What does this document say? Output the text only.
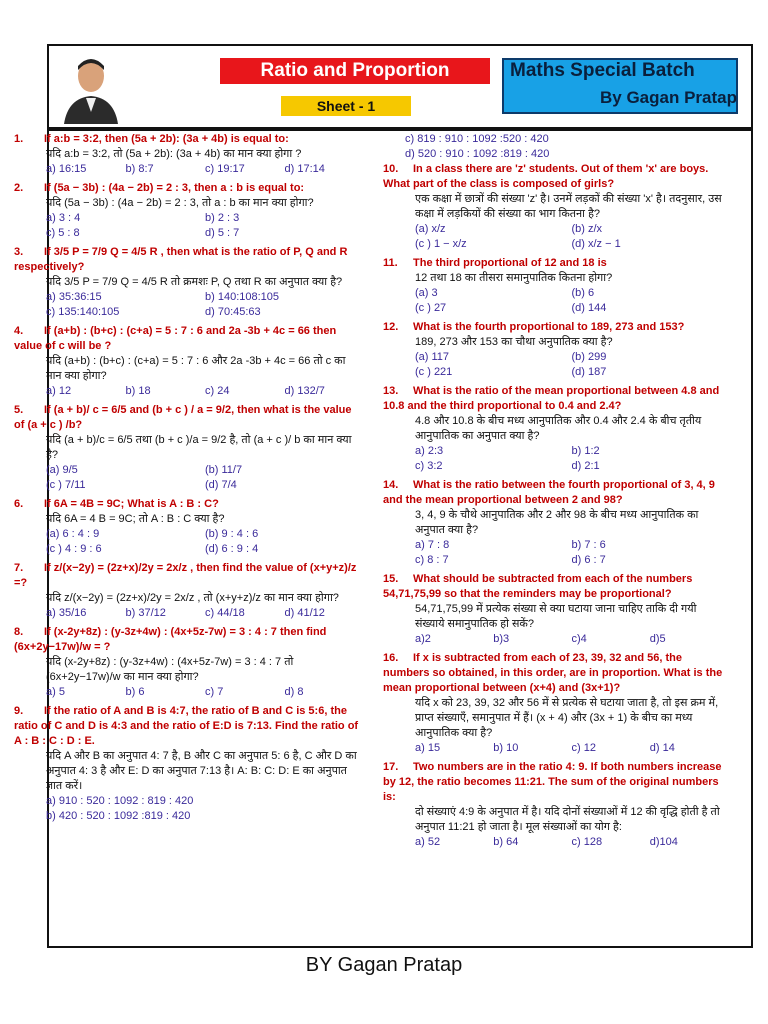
Ratio and Proportion
Sheet - 1
Maths Special Batch
By Gagan Pratap
1. If a:b = 3:2, then (5a + 2b): (3a + 4b) is equal to:
यदि a:b = 3:2, तो (5a + 2b): (3a + 4b) का मान क्या होगा ?
a) 16:15	b) 8:7	c) 19:17	d) 17:14
2. If (5a − 3b) : (4a − 2b) = 2 : 3, then a : b is equal to:
यदि (5a − 3b) : (4a − 2b) = 2 : 3, तो a : b का मान क्या होगा?
a) 3 : 4	b) 2 : 3
c) 5 : 8	d) 5 : 7
3. If 3/5 P = 7/9 Q = 4/5 R , then what is the ratio of P, Q and R respectively?
यदि 3/5 P = 7/9 Q = 4/5 R तो क्रमशः P, Q तथा R का अनुपात क्या है?
a) 35:36:15	b) 140:108:105
c) 135:140:105	d) 70:45:63
4. If (a+b) : (b+c) : (c+a) = 5 : 7 : 6 and 2a -3b + 4c = 66 then value of c will be ?
यदि (a+b) : (b+c) : (c+a) = 5 : 7 : 6 और 2a -3b + 4c = 66 तो c का मान क्या होगा?
a) 12	b) 18	c) 24	d) 132/7
5. If (a + b)/ c = 6/5 and (b + c ) / a = 9/2, then what is the value of (a + c ) /b?
यदि (a + b)/c = 6/5 तथा (b + c )/a = 9/2 है, तो (a + c )/ b का मान क्या है?
(a) 9/5	(b) 11/7
(c ) 7/11	(d) 7/4
6. If 6A = 4B = 9C; What is A : B : C?
यदि 6A = 4 B = 9C; तो A : B : C क्या है?
(a) 6 : 4 : 9	(b) 9 : 4 : 6
(c ) 4 : 9 : 6	(d) 6 : 9 : 4
7. If z/(x−2y) = (2z+x)/2y = 2x/z , then find the value of (x+y+z)/z =?
यदि z/(x−2y) = (2z+x)/2y = 2x/z , तो (x+y+z)/z का मान क्या होगा?
a) 35/16	b) 37/12	c) 44/18	d) 41/12
8. If (x-2y+8z) : (y-3z+4w) : (4x+5z-7w) = 3 : 4 : 7 then find (6x+2y−17w)/w = ?
यदि (x-2y+8z) : (y-3z+4w) : (4x+5z-7w) = 3 : 4 : 7 तो (6x+2y−17w)/w का मान क्या होगा?
a) 5	b) 6	c) 7	d) 8
9. If the ratio of A and B is 4:7, the ratio of B and C is 5:6, the ratio of C and D is 4:3 and the ratio of E:D is 7:13. Find the ratio of A : B : C : D : E.
यदि A और B का अनुपात 4: 7 है, B और C का अनुपात 5: 6 है, C और D का अनुपात 4: 3 है और E: D का अनुपात 7:13 है। A: B: C: D: E का अनुपात ज्ञात करें।
a) 910 : 520 : 1092 : 819 : 420
b) 420 : 520 : 1092 :819 : 420
c) 819 : 910 : 1092 :520 : 420
d) 520 : 910 : 1092 :819 : 420
10. In a class there are 'z' students. Out of them 'x' are boys. What part of the class is composed of girls?
एक कक्षा में छात्रों की संख्या 'z' है। उनमें लड़कों की संख्या 'x' है। तदनुसार, उस कक्षा में लड़कियों की संख्या का भाग कितना है?
(a) x/z	(b) z/x
(c ) 1 − x/z	(d) x/z − 1
11. The third proportional of 12 and 18 is
12 तथा 18 का तीसरा समानुपातिक कितना होगा?
(a) 3	(b) 6
(c ) 27	(d) 144
12. What is the fourth proportional to 189, 273 and 153?
189, 273 और 153 का चौथा अनुपातिक क्या है?
(a) 117	(b) 299
(c ) 221	(d) 187
13. What is the ratio of the mean proportional between 4.8 and 10.8 and the third proportional to 0.4 and 2.4?
4.8 और 10.8 के बीच मध्य आनुपातिक और 0.4 और 2.4 के बीच तृतीय आनुपातिक का अनुपात क्या है?
a) 2:3	b) 1:2
c) 3:2	d) 2:1
14. What is the ratio between the fourth proportional of 3, 4, 9 and the mean proportional between 2 and 98?
3, 4, 9 के चौथे आनुपातिक और 2 और 98 के बीच मध्य आनुपातिक का अनुपात क्या है?
a) 7 : 8	b) 7 : 6
c) 8 : 7	d) 6 : 7
15. What should be subtracted from each of the numbers 54,71,75,99 so that the reminders may be proportional?
54,71,75,99 में प्रत्येक संख्या से क्या घटाया जाना चाहिए ताकि दी गयी संख्याये समानुपातिक हो सकें?
a)2	b)3	c)4	d)5
16. If x is subtracted from each of 23, 39, 32 and 56, the numbers so obtained, in this order, are in proportion. What is the mean proportional between (x+4) and (3x+1)?
यदि x को 23, 39, 32 और 56 में से प्रत्येक से घटाया जाता है, तो इस क्रम में, प्राप्त संख्याएँ, समानुपात में हैं। (x + 4) और (3x + 1) के बीच का मध्य आनुपातिक क्या है?
a) 15	b) 10	c) 12	d) 14
17. Two numbers are in the ratio 4: 9. If both numbers increase by 12, the ratio becomes 11:21. The sum of the original numbers is:
दो संख्याएं 4:9 के अनुपात में है। यदि दोनों संख्याओं में 12 की वृद्धि होती है तो अनुपात 11:21 हो जाता है। मूल संख्याओं का योग है:
a) 52	b) 64	c) 128	d)104
BY Gagan Pratap
